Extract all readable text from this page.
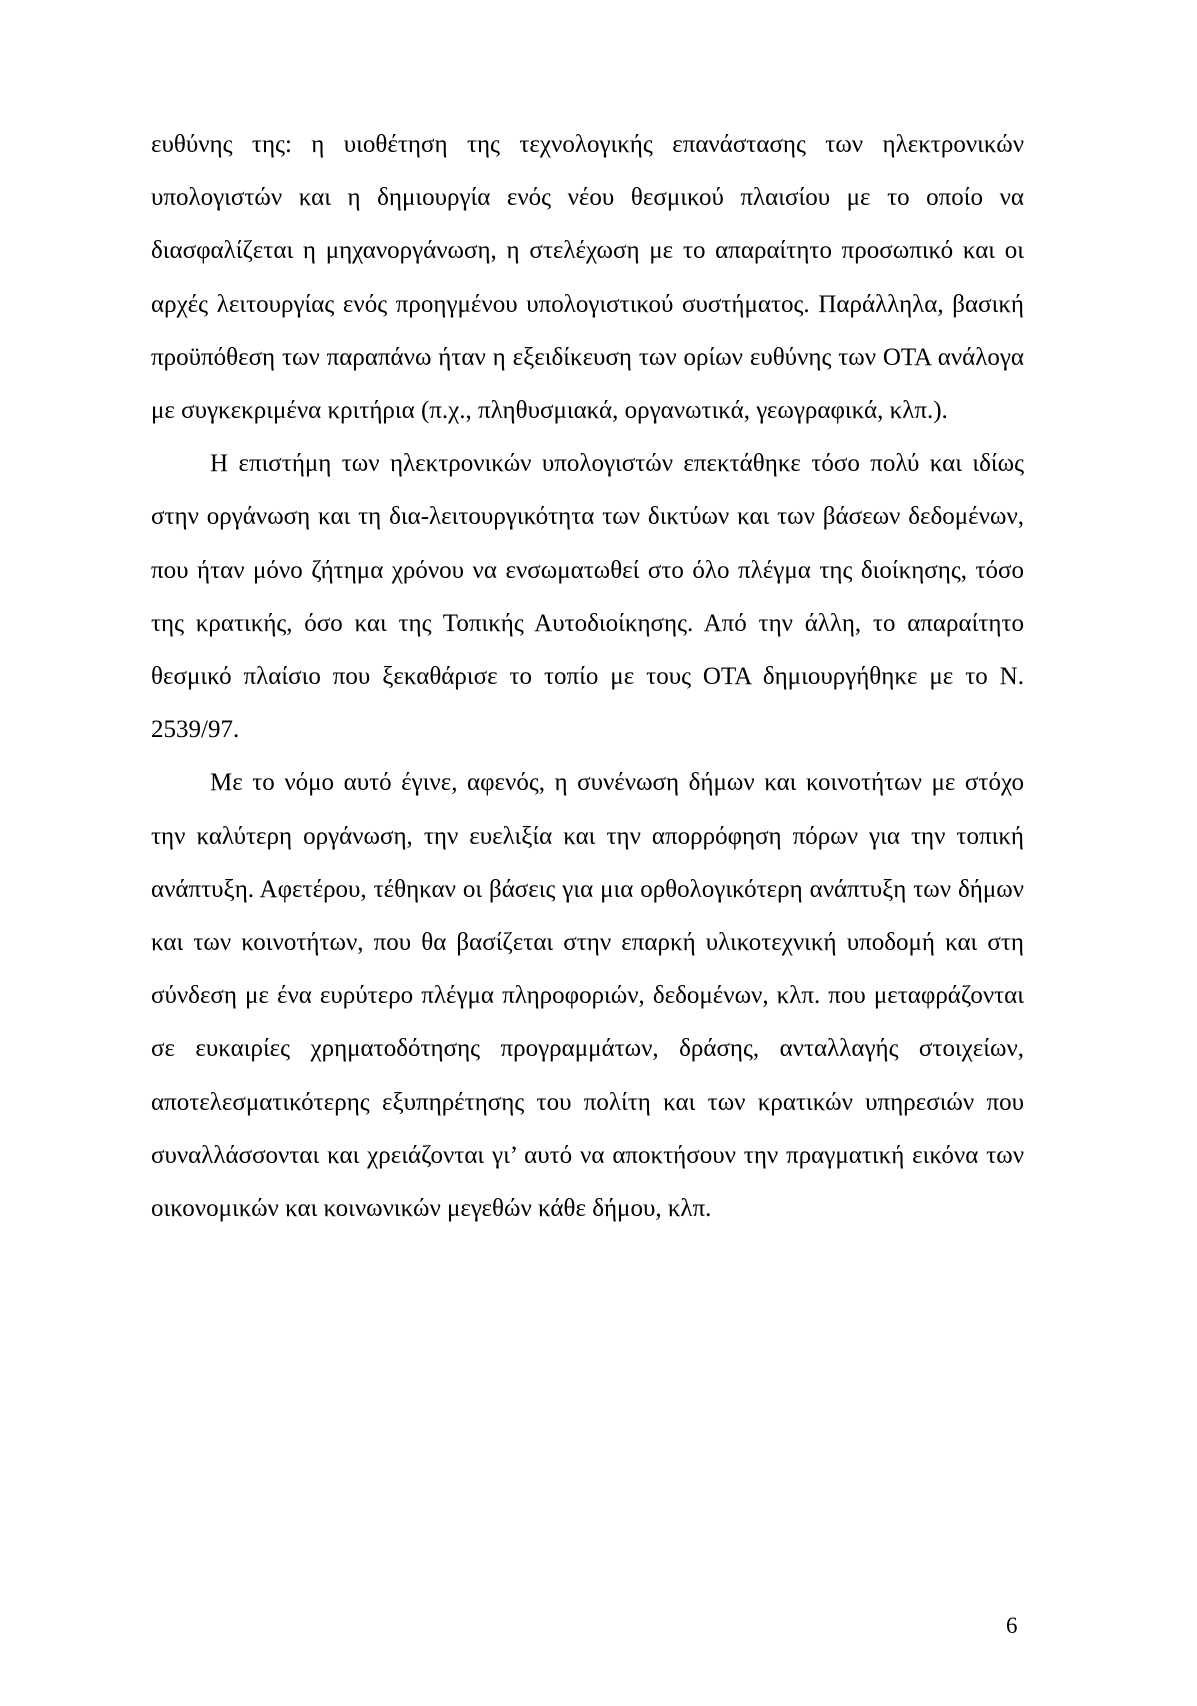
ευθύνης της: η υιοθέτηση της τεχνολογικής επανάστασης των ηλεκτρονικών υπολογιστών και η δημιουργία ενός νέου θεσμικού πλαισίου με το οποίο να διασφαλίζεται η μηχανοργάνωση, η στελέχωση με το απαραίτητο προσωπικό και οι αρχές λειτουργίας ενός προηγμένου υπολογιστικού συστήματος. Παράλληλα, βασική προϋπόθεση των παραπάνω ήταν η εξειδίκευση των ορίων ευθύνης των ΟΤΑ ανάλογα με συγκεκριμένα κριτήρια (π.χ., πληθυσμιακά, οργανωτικά, γεωγραφικά, κλπ.).

Η επιστήμη των ηλεκτρονικών υπολογιστών επεκτάθηκε τόσο πολύ και ιδίως στην οργάνωση και τη δια-λειτουργικότητα των δικτύων και των βάσεων δεδομένων, που ήταν μόνο ζήτημα χρόνου να ενσωματωθεί στο όλο πλέγμα της διοίκησης, τόσο της κρατικής, όσο και της Τοπικής Αυτοδιοίκησης. Από την άλλη, το απαραίτητο θεσμικό πλαίσιο που ξεκαθάρισε το τοπίο με τους ΟΤΑ δημιουργήθηκε με το Ν. 2539/97.

Με το νόμο αυτό έγινε, αφενός, η συνένωση δήμων και κοινοτήτων με στόχο την καλύτερη οργάνωση, την ευελιξία και την απορρόφηση πόρων για την τοπική ανάπτυξη. Αφετέρου, τέθηκαν οι βάσεις για μια ορθολογικότερη ανάπτυξη των δήμων και των κοινοτήτων, που θα βασίζεται στην επαρκή υλικοτεχνική υποδομή και στη σύνδεση με ένα ευρύτερο πλέγμα πληροφοριών, δεδομένων, κλπ. που μεταφράζονται σε ευκαιρίες χρηματοδότησης προγραμμάτων, δράσης, ανταλλαγής στοιχείων, αποτελεσματικότερης εξυπηρέτησης του πολίτη και των κρατικών υπηρεσιών που συναλλάσσονται και χρειάζονται γι’ αυτό να αποκτήσουν την πραγματική εικόνα των οικονομικών και κοινωνικών μεγεθών κάθε δήμου, κλπ.

6
